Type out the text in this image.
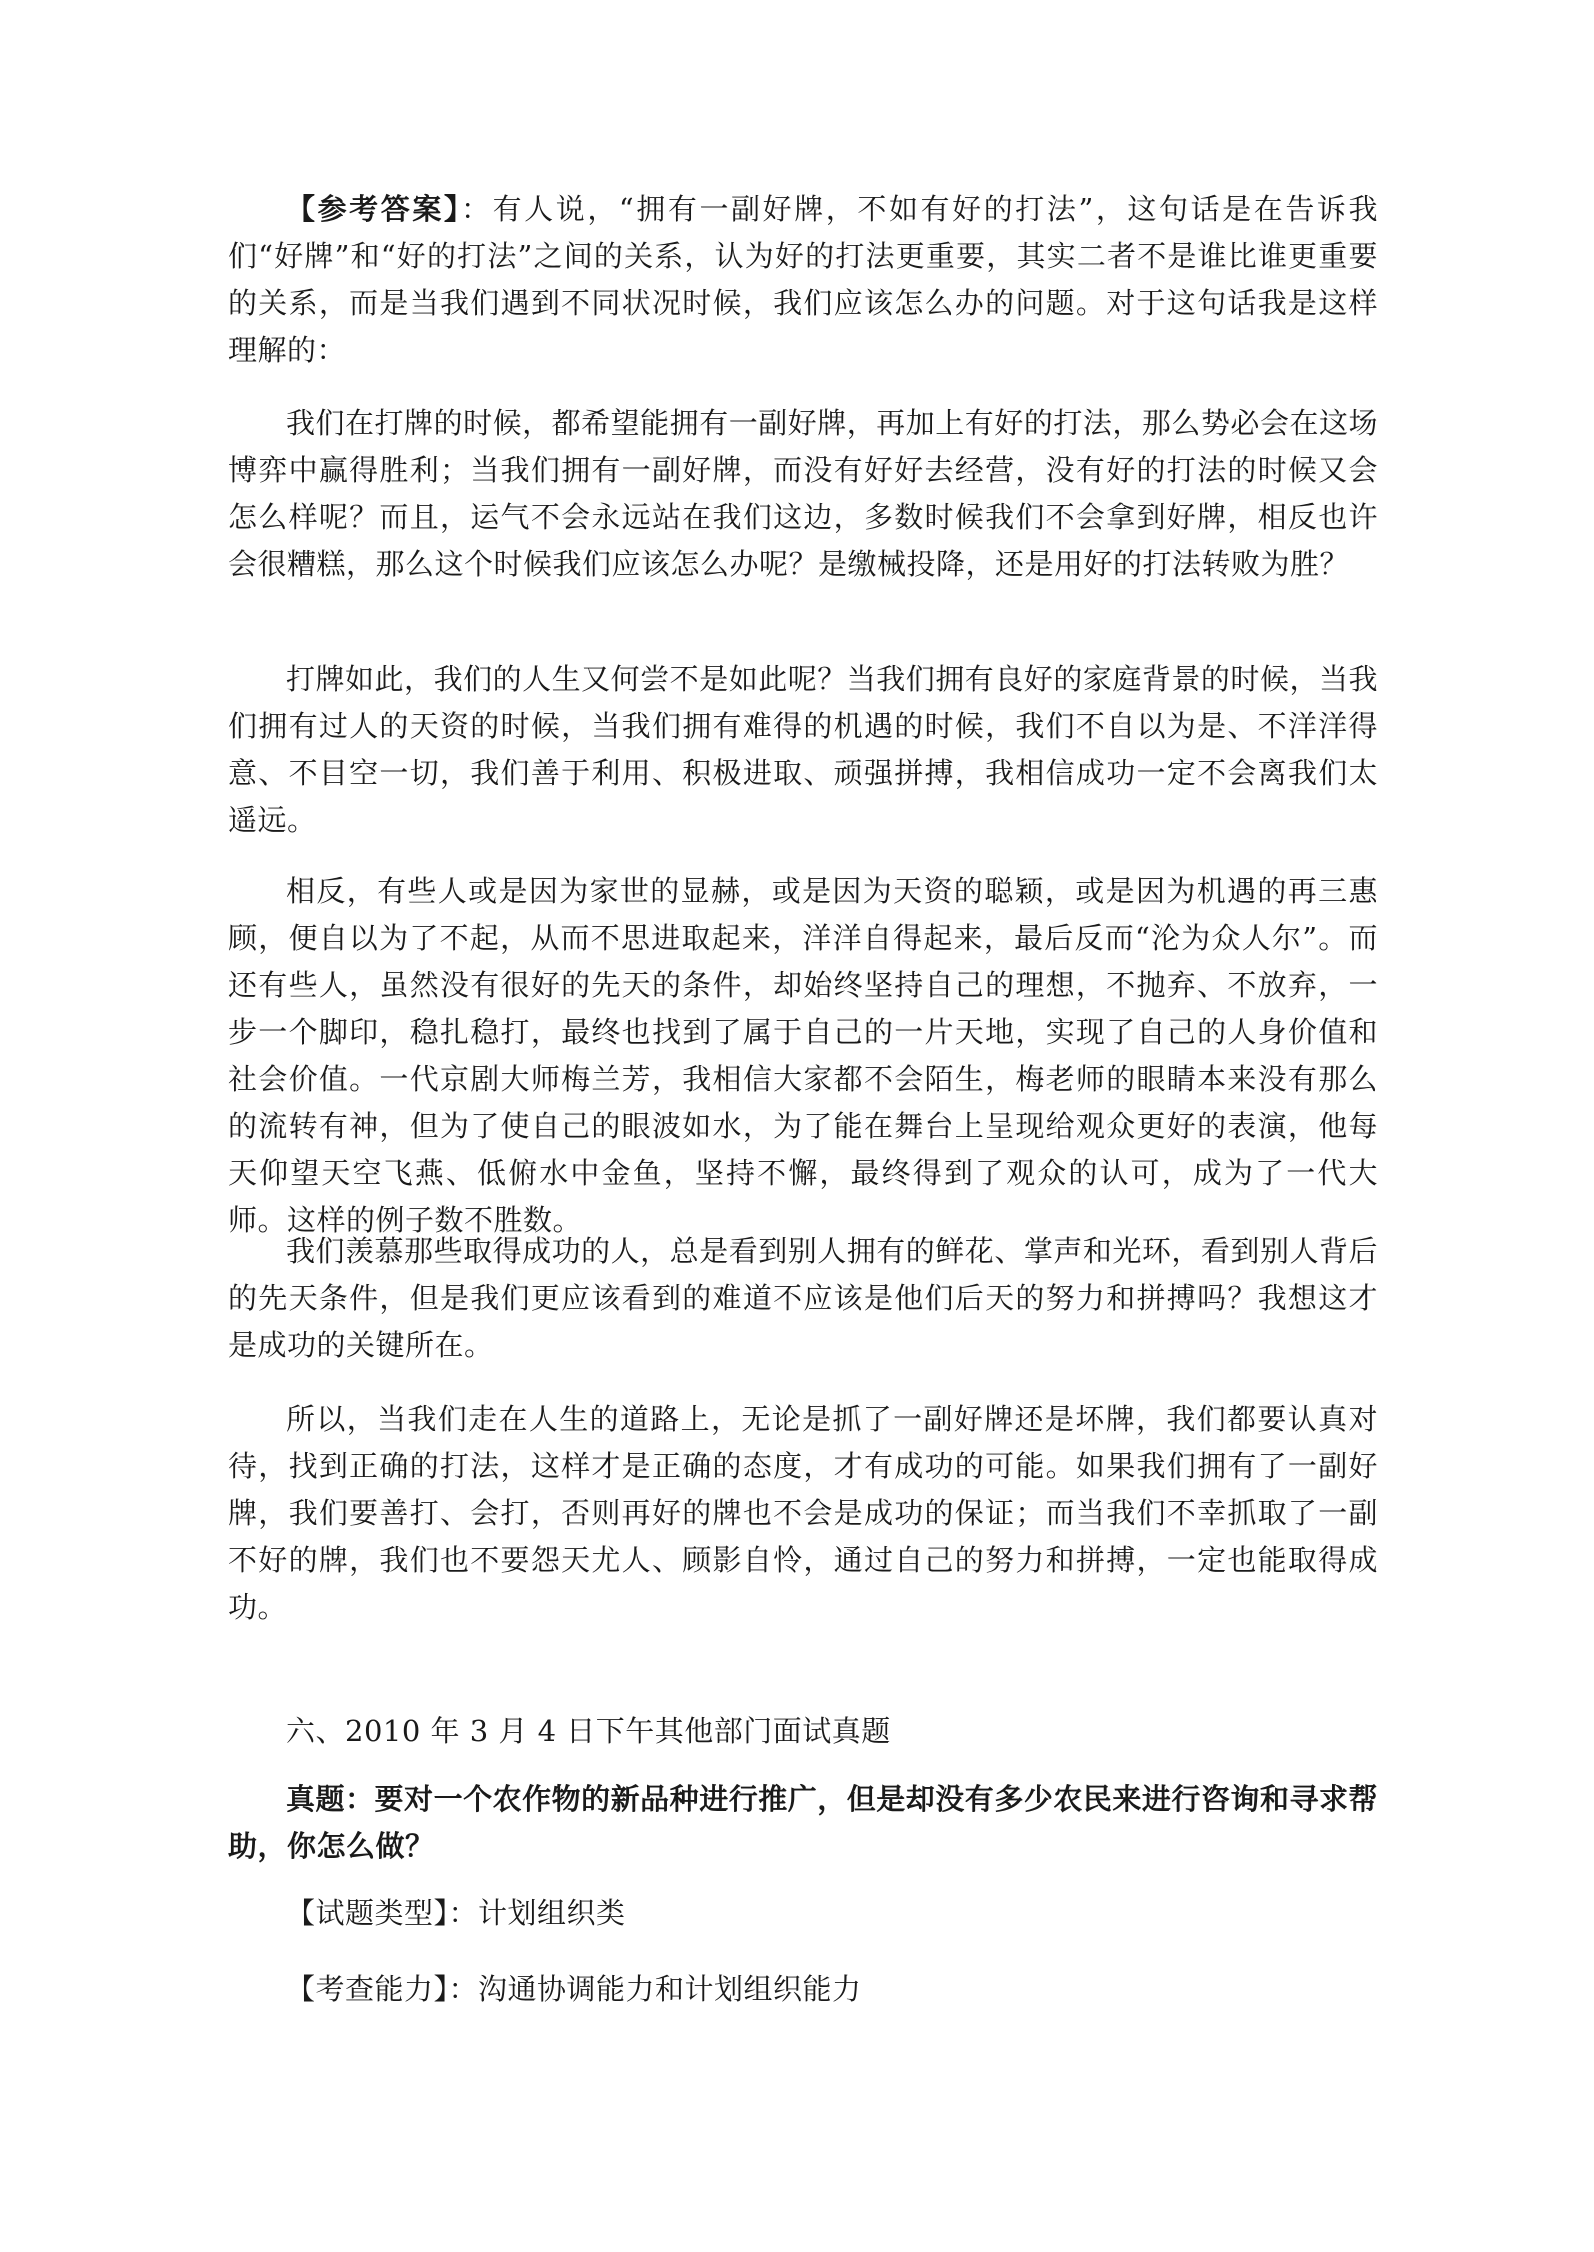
【参考答案】：有人说，“拥有一副好牌，不如有好的打法”，这句话是在告诉我们“好牌”和“好的打法”之间的关系，认为好的打法更重要，其实二者不是谁比谁更重要的关系，而是当我们遇到不同状况时候，我们应该怎么办的问题。对于这句话我是这样理解的：

我们在打牌的时候，都希望能拥有一副好牌，再加上有好的打法，那么势必会在这场博弈中赢得胜利；当我们拥有一副好牌，而没有好好去经营，没有好的打法的时候又会怎么样呢？而且，运气不会永远站在我们这边，多数时候我们不会拿到好牌，相反也许会很糟糕，那么这个时候我们应该怎么办呢？是缴械投降，还是用好的打法转败为胜？

打牌如此，我们的人生又何尝不是如此呢？当我们拥有良好的家庭背景的时候，当我们拥有过人的天资的时候，当我们拥有难得的机遇的时候，我们不自以为是、不洋洋得意、不目空一切，我们善于利用、积极进取、顽强拼搏，我相信成功一定不会离我们太遥远。

相反，有些人或是因为家世的显赫，或是因为天资的聪颖，或是因为机遇的再三惠顾，便自以为了不起，从而不思进取起来，洋洋自得起来，最后反而“沦为众人尔”。而还有些人，虽然没有很好的先天的条件，却始终坚持自己的理想，不抛弃、不放弃，一步一个脚印，稳扎稳打，最终也找到了属于自己的一片天地，实现了自己的人身价值和社会价值。一代京剧大师梅兰芳，我相信大家都不会陌生，梅老师的眼睛本来没有那么的流转有神，但为了使自己的眼波如水，为了能在舞台上呈现给观众更好的表演，他每天仰望天空飞燕、低俯水中金鱼，坚持不懈，最终得到了观众的认可，成为了一代大师。这样的例子数不胜数。

我们羡慕那些取得成功的人，总是看到别人拥有的鲜花、掌声和光环，看到别人背后的先天条件，但是我们更应该看到的难道不应该是他们后天的努力和拼搏吗？我想这才是成功的关键所在。

所以，当我们走在人生的道路上，无论是抓了一副好牌还是坏牌，我们都要认真对待，找到正确的打法，这样才是正确的态度，才有成功的可能。如果我们拥有了一副好牌，我们要善打、会打，否则再好的牌也不会是成功的保证；而当我们不幸抓取了一副不好的牌，我们也不要怨天尤人、顾影自怜，通过自己的努力和拼搏，一定也能取得成功。

六、2010 年 3 月 4 日下午其他部门面试真题

真题：要对一个农作物的新品种进行推广，但是却没有多少农民来进行咨询和寻求帮助，你怎么做？

【试题类型】：计划组织类

【考查能力】：沟通协调能力和计划组织能力
